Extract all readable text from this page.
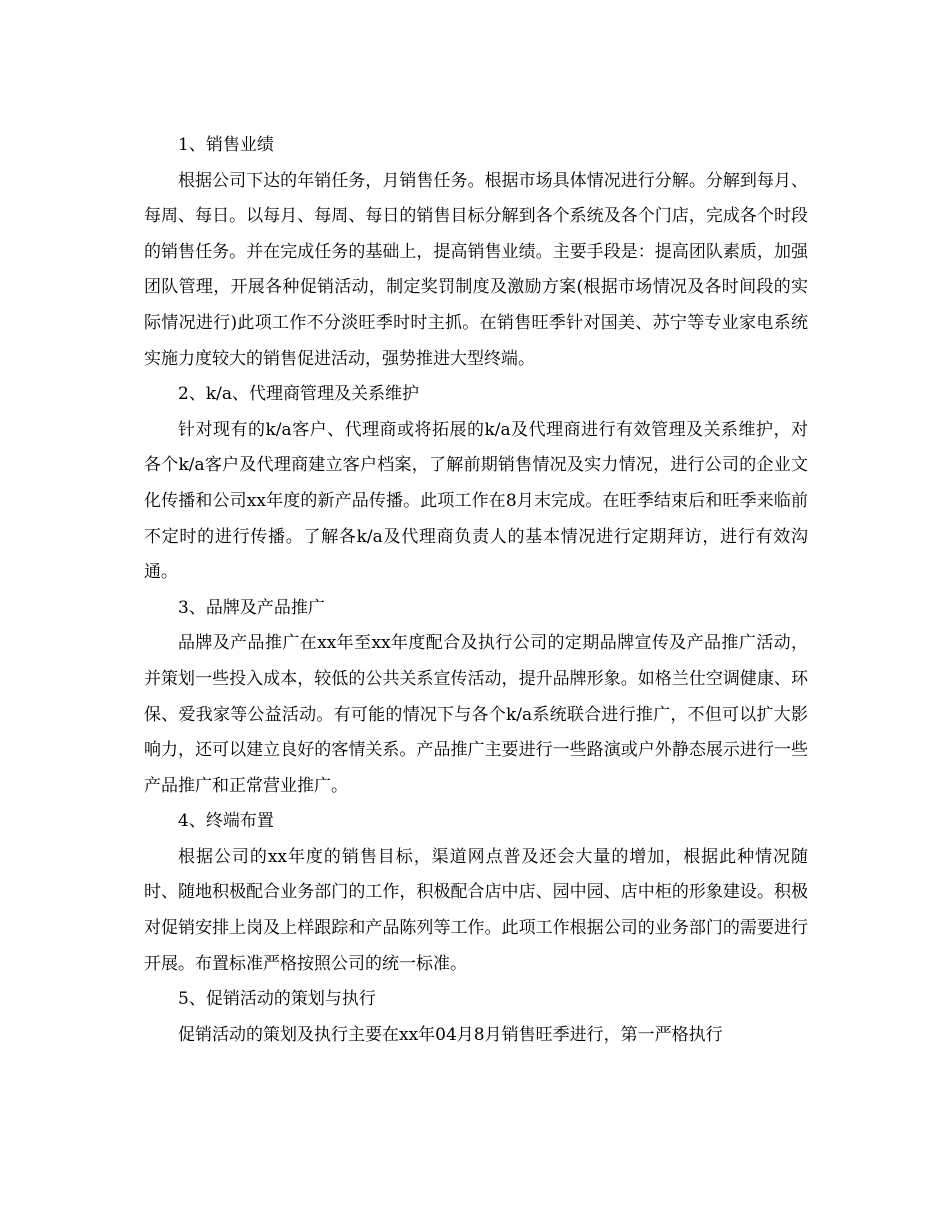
1、销售业绩
根据公司下达的年销任务，月销售任务。根据市场具体情况进行分解。分解到每月、每周、每日。以每月、每周、每日的销售目标分解到各个系统及各个门店，完成各个时段的销售任务。并在完成任务的基础上，提高销售业绩。主要手段是：提高团队素质，加强团队管理，开展各种促销活动，制定奖罚制度及激励方案(根据市场情况及各时间段的实际情况进行)此项工作不分淡旺季时时主抓。在销售旺季针对国美、苏宁等专业家电系统实施力度较大的销售促进活动，强势推进大型终端。
2、k/a、代理商管理及关系维护
针对现有的k/a客户、代理商或将拓展的k/a及代理商进行有效管理及关系维护，对各个k/a客户及代理商建立客户档案，了解前期销售情况及实力情况，进行公司的企业文化传播和公司xx年度的新产品传播。此项工作在8月末完成。在旺季结束后和旺季来临前不定时的进行传播。了解各k/a及代理商负责人的基本情况进行定期拜访，进行有效沟通。
3、品牌及产品推广
品牌及产品推广在xx年至xx年度配合及执行公司的定期品牌宣传及产品推广活动，并策划一些投入成本，较低的公共关系宣传活动，提升品牌形象。如格兰仕空调健康、环保、爱我家等公益活动。有可能的情况下与各个k/a系统联合进行推广，不但可以扩大影响力，还可以建立良好的客情关系。产品推广主要进行一些路演或户外静态展示进行一些产品推广和正常营业推广。
4、终端布置
根据公司的xx年度的销售目标，渠道网点普及还会大量的增加，根据此种情况随时、随地积极配合业务部门的工作，积极配合店中店、园中园、店中柜的形象建设。积极对促销安排上岗及上样跟踪和产品陈列等工作。此项工作根据公司的业务部门的需要进行开展。布置标准严格按照公司的统一标准。
5、促销活动的策划与执行
促销活动的策划及执行主要在xx年04月8月销售旺季进行，第一严格执行
